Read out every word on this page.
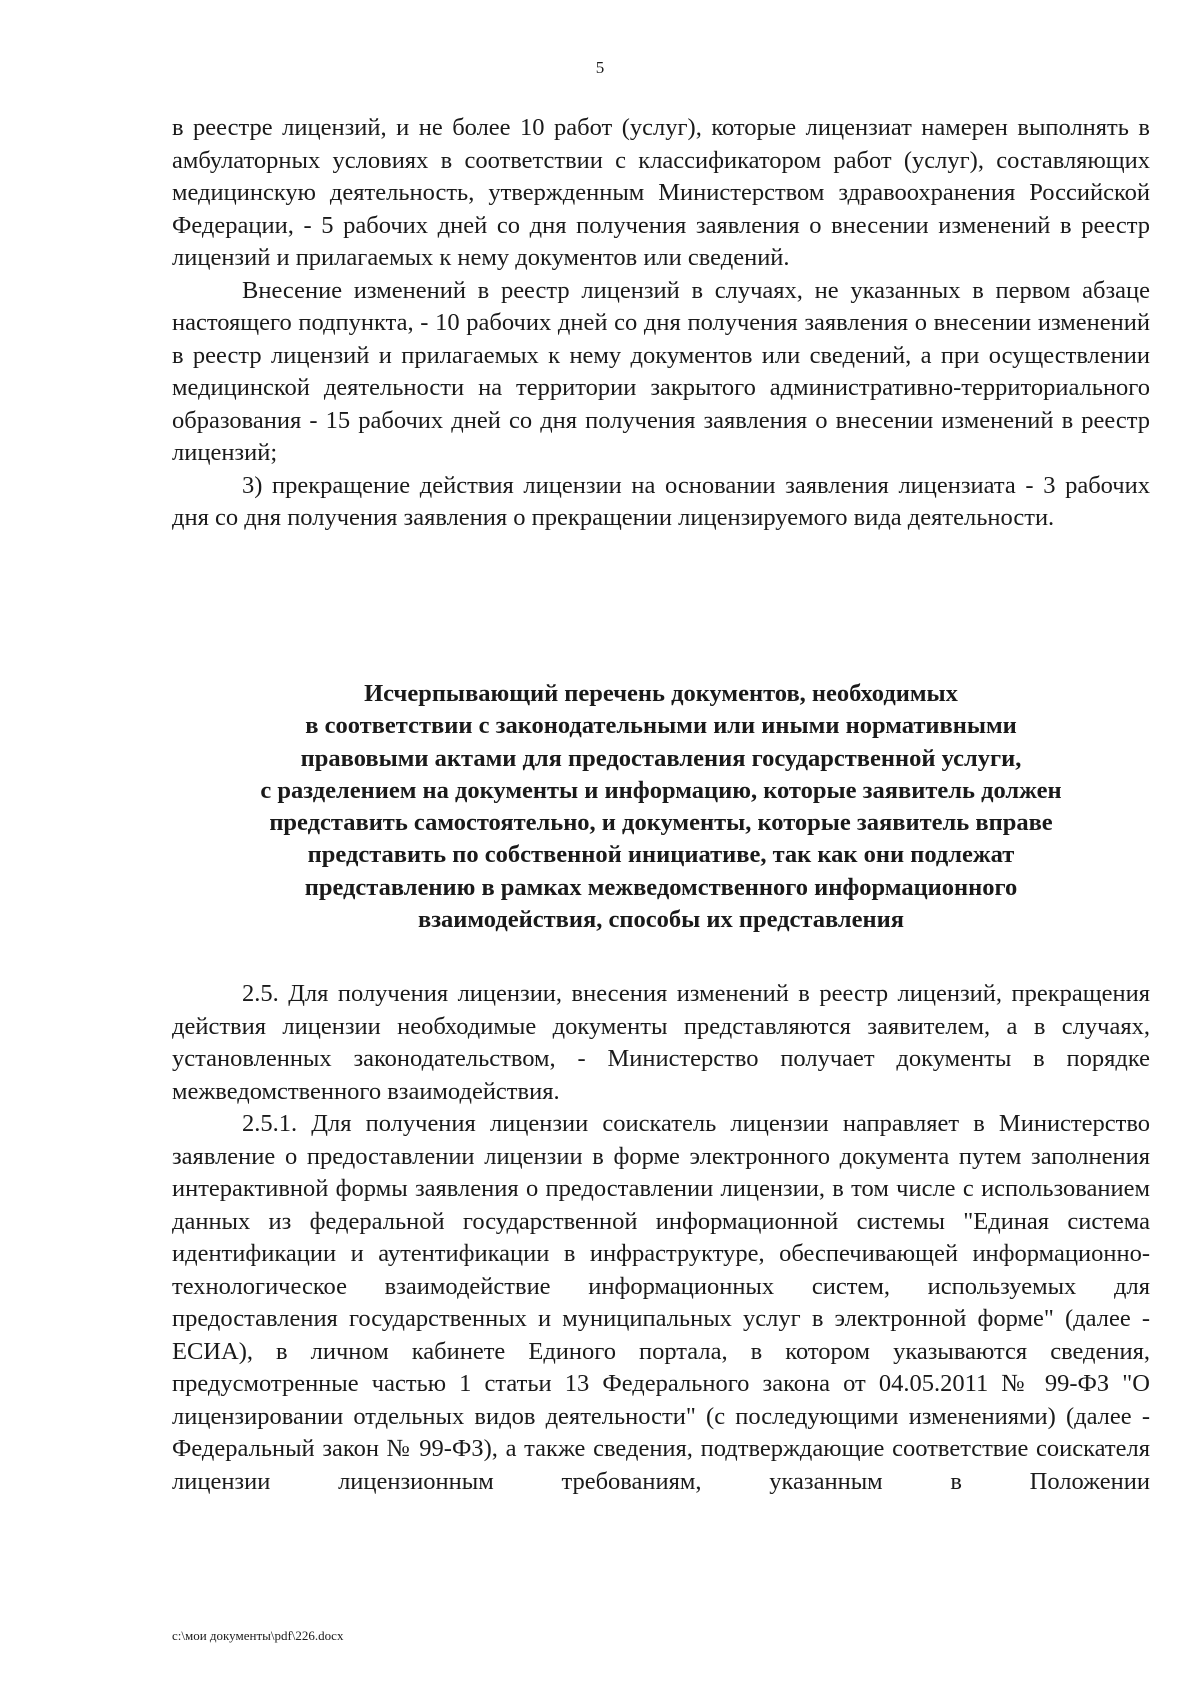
5

в реестре лицензий, и не более 10 работ (услуг), которые лицензиат намерен выполнять в амбулаторных условиях в соответствии с классификатором работ (услуг), составляющих медицинскую деятельность, утвержденным Министерством здравоохранения Российской Федерации, - 5 рабочих дней со дня получения заявления о внесении изменений в реестр лицензий и прилагаемых к нему документов или сведений.

Внесение изменений в реестр лицензий в случаях, не указанных в первом абзаце настоящего подпункта, - 10 рабочих дней со дня получения заявления о внесении изменений в реестр лицензий и прилагаемых к нему документов или сведений, а при осуществлении медицинской деятельности на территории закрытого административно-территориального образования - 15 рабочих дней со дня получения заявления о внесении изменений в реестр лицензий;

3) прекращение действия лицензии на основании заявления лицензиата - 3 рабочих дня со дня получения заявления о прекращении лицензируемого вида деятельности.

Исчерпывающий перечень документов, необходимых
в соответствии с законодательными или иными нормативными
правовыми актами для предоставления государственной услуги,
с разделением на документы и информацию, которые заявитель должен
представить самостоятельно, и документы, которые заявитель вправе
представить по собственной инициативе, так как они подлежат
представлению в рамках межведомственного информационного
взаимодействия, способы их представления

2.5. Для получения лицензии, внесения изменений в реестр лицензий, прекращения действия лицензии необходимые документы представляются заявителем, а в случаях, установленных законодательством, - Министерство получает документы в порядке межведомственного взаимодействия.

2.5.1. Для получения лицензии соискатель лицензии направляет в Министерство заявление о предоставлении лицензии в форме электронного документа путем заполнения интерактивной формы заявления о предоставлении лицензии, в том числе с использованием данных из федеральной государственной информационной системы "Единая система идентификации и аутентификации в инфраструктуре, обеспечивающей информационно-технологическое взаимодействие информационных систем, используемых для предоставления государственных и муниципальных услуг в электронной форме" (далее - ЕСИА), в личном кабинете Единого портала, в котором указываются сведения, предусмотренные частью 1 статьи 13 Федерального закона от 04.05.2011 № 99-ФЗ "О лицензировании отдельных видов деятельности" (с последующими изменениями) (далее - Федеральный закон № 99-ФЗ), а также сведения, подтверждающие соответствие соискателя лицензии лицензионным требованиям, указанным в Положении

c:\мои документы\pdf\226.docx
